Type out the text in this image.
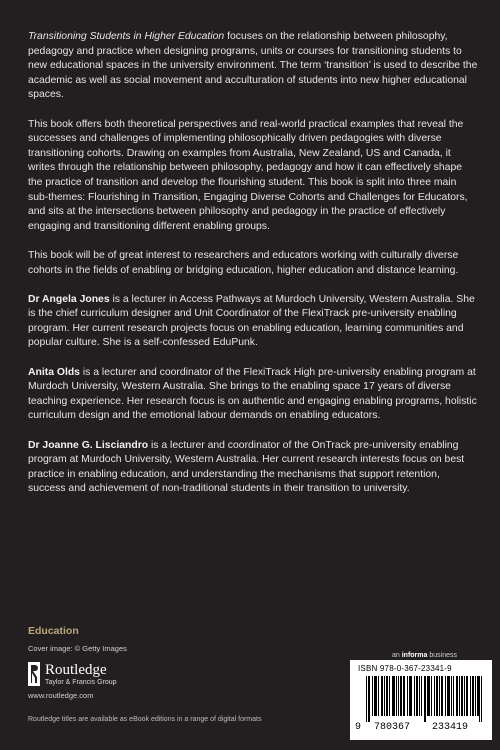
Transitioning Students in Higher Education focuses on the relationship between philosophy, pedagogy and practice when designing programs, units or courses for transitioning students to new educational spaces in the university environment. The term ‘transition’ is used to describe the academic as well as social movement and acculturation of students into new higher educational spaces.

This book offers both theoretical perspectives and real-world practical examples that reveal the successes and challenges of implementing philosophically driven pedagogies with diverse transitioning cohorts. Drawing on examples from Australia, New Zealand, US and Canada, it writes through the relationship between philosophy, pedagogy and how it can effectively shape the practice of transition and develop the flourishing student. This book is split into three main sub-themes: Flourishing in Transition, Engaging Diverse Cohorts and Challenges for Educators, and sits at the intersections between philosophy and pedagogy in the practice of effectively engaging and transitioning different enabling groups.

This book will be of great interest to researchers and educators working with culturally diverse cohorts in the fields of enabling or bridging education, higher education and distance learning.

Dr Angela Jones is a lecturer in Access Pathways at Murdoch University, Western Australia. She is the chief curriculum designer and Unit Coordinator of the FlexiTrack pre-university enabling program. Her current research projects focus on enabling education, learning communities and popular culture. She is a self-confessed EduPunk.

Anita Olds is a lecturer and coordinator of the FlexiTrack High pre-university enabling program at Murdoch University, Western Australia. She brings to the enabling space 17 years of diverse teaching experience. Her research focus is on authentic and engaging enabling programs, holistic curriculum design and the emotional labour demands on enabling educators.

Dr Joanne G. Lisciandro is a lecturer and coordinator of the OnTrack pre-university enabling program at Murdoch University, Western Australia. Her current research interests focus on best practice in enabling education, and understanding the mechanisms that support retention, success and achievement of non-traditional students in their transition to university.

Education
Cover image: © Getty Images
Routledge
Taylor & Francis Group
www.routledge.com
Routledge titles are available as eBook editions in a range of digital formats
an informa business
ISBN 978-0-367-23341-9
9 780367 233419
